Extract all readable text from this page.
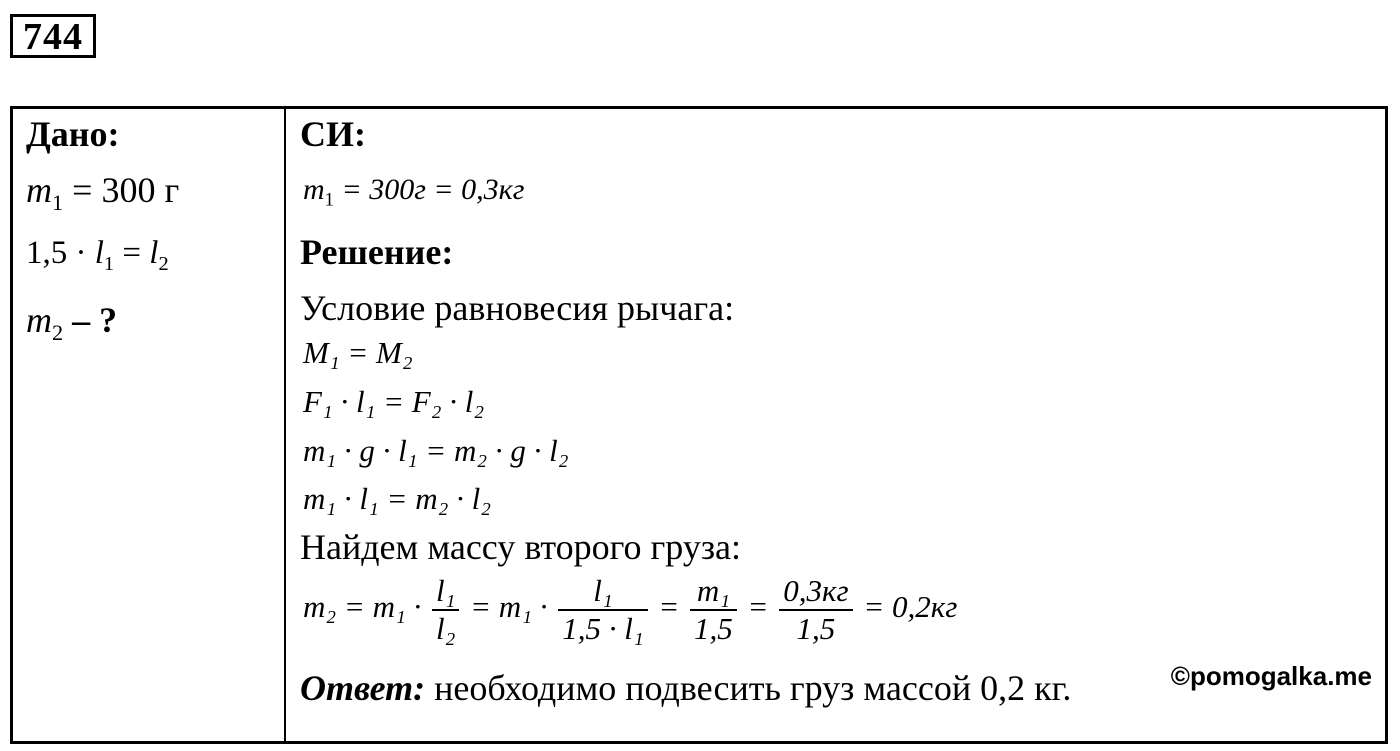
744
Дано:
$m_1 = 300$ г
$1,5 \cdot l_1 = l_2$
$m_2$ – ?
СИ:
$m_1 = 300г = 0,3кг$
Решение:
Условие равновесия рычага:
M₁ = M₂
F₁ · l₁ = F₂ · l₂
m₁ · g · l₁ = m₂ · g · l₂
m₁ · l₁ = m₂ · l₂
Найдем массу второго груза:
$m_2 = m_1 \cdot \frac{\text{l₁}}{\text{l₂}} = m_1 \cdot \frac{\text{l₁}}{\text{1,5 · l₁}} = \frac{\text{m₁}}{1,5} = \frac{0,3кг}{1,5} = 0,2кг$
Ответ: необходимо подвесить груз массой 0,2 кг.	©pomogalka.me
